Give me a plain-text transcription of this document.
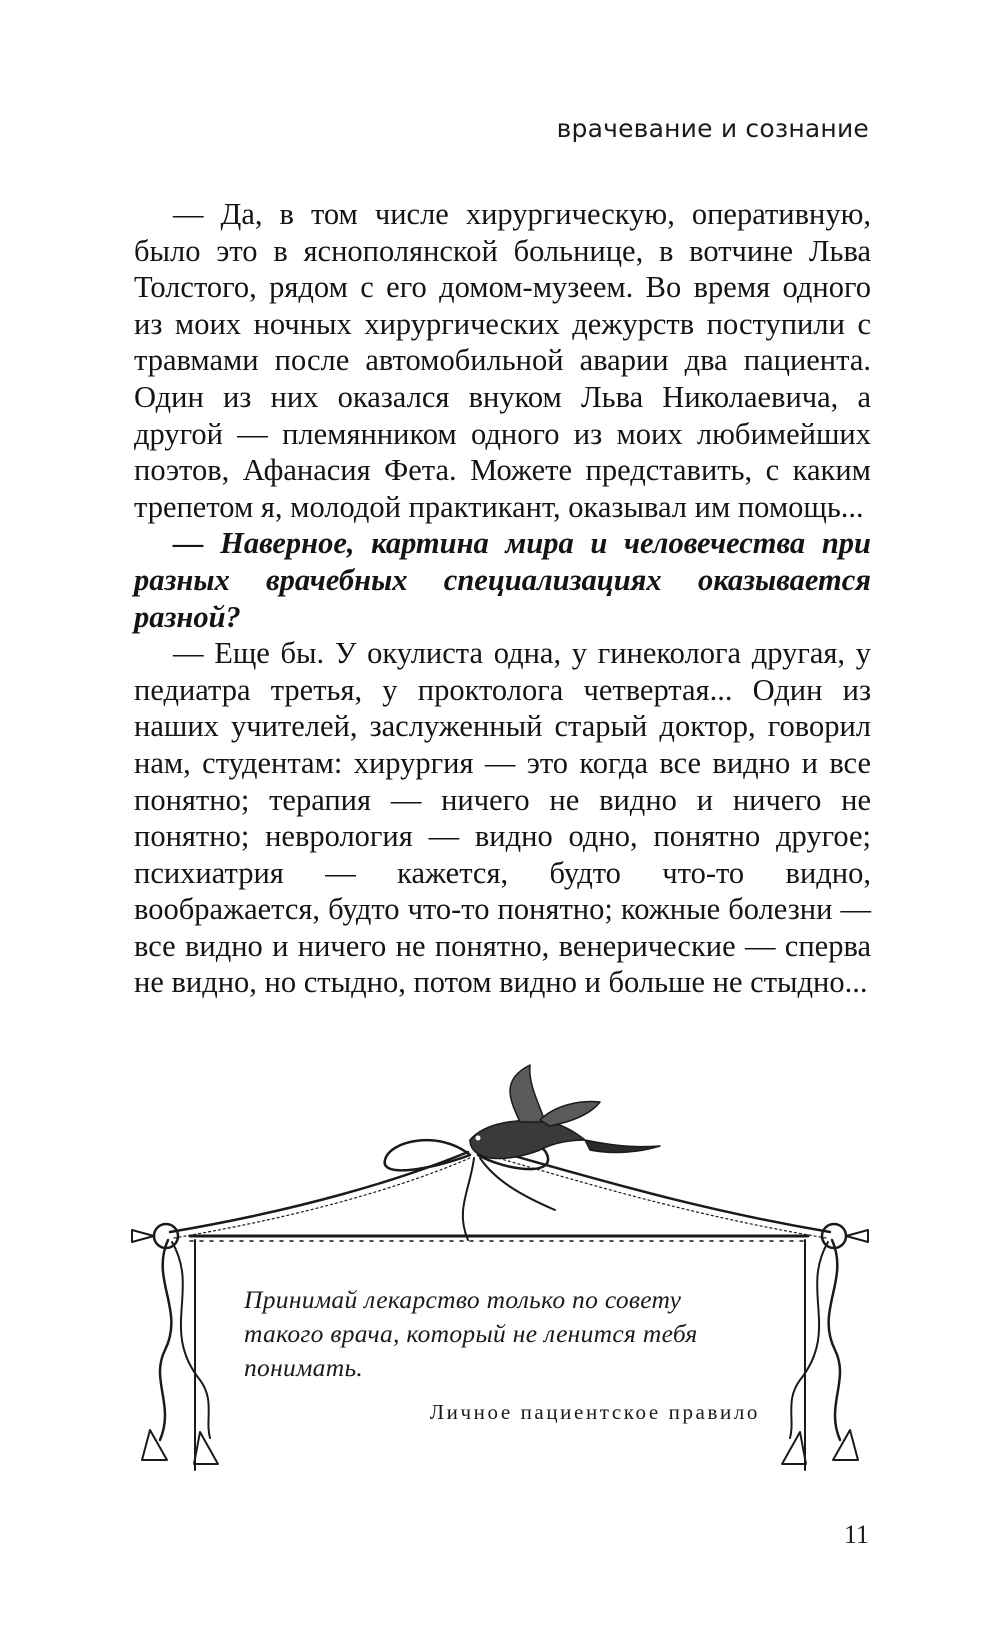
врачевание и сознание

— Да, в том числе хирургическую, оперативную, было это в яснополянской больнице, в вотчине Льва Толстого, рядом с его домом-музеем. Во время одного из моих ночных хирургических дежурств поступили с травмами после автомобильной аварии два пациента. Один из них оказался внуком Льва Николаевича, а другой — племянником одного из моих любимейших поэтов, Афанасия Фета. Можете представить, с каким трепетом я, молодой практикант, оказывал им помощь...

— Наверное, картина мира и человечества при разных врачебных специализациях оказывается разной?

— Еще бы. У окулиста одна, у гинеколога другая, у педиатра третья, у проктолога четвертая... Один из наших учителей, заслуженный старый доктор, говорил нам, студентам: хирургия — это когда все видно и все понятно; терапия — ничего не видно и ничего не понятно; неврология — видно одно, понятно другое; психиатрия — кажется, будто что-то видно, воображается, будто что-то понятно; кожные болезни — все видно и ничего не понятно, венерические — сперва не видно, но стыдно, потом видно и больше не стыдно...

Принимай лекарство только по совету такого врача, который не ленится тебя понимать.
Личное пациентское правило
11
